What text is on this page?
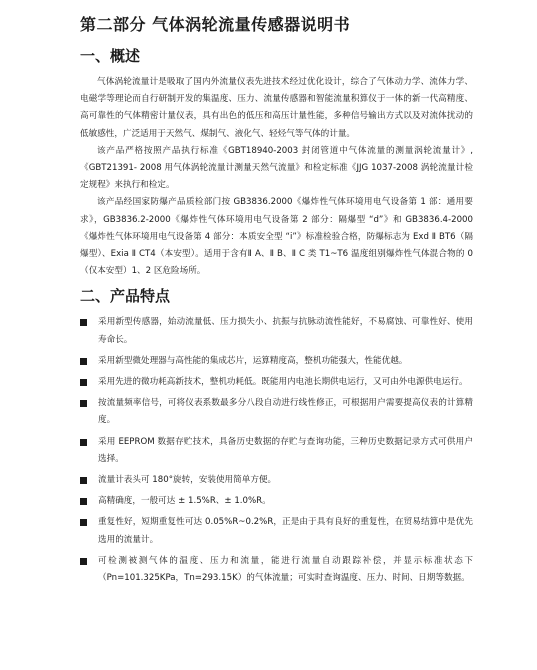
第二部分 气体涡轮流量传感器说明书
一、概述

气体涡轮流量计是吸取了国内外流量仪表先进技术经过优化设计，综合了气体动力学、流体力学、电磁学等理论而自行研制开发的集温度、压力、流量传感器和智能流量积算仪于一体的新一代高精度、高可靠性的气体精密计量仪表，具有出色的低压和高压计量性能，多种信号输出方式以及对流体扰动的低敏感性，广泛适用于天然气、煤制气、液化气、轻烃气等气体的计量。

该产品严格按照产品执行标准《GBT18940-2003 封闭管道中气体流量的测量涡轮流量计》,《GBT21391- 2008 用气体涡轮流量计测量天然气流量》和检定标准《JJG 1037-2008 涡轮流量计检定规程》来执行和检定。

该产品经国家防爆产品质检部门按 GB3836.2000《爆炸性气体环境用电气设备第 1 部：通用要求》，GB3836.2-2000《爆炸性气体环境用电气设备第 2 部分：隔爆型 “d”》和 GB3836.4-2000《爆炸性气体环境用电气设备第 4 部分：本质安全型 “i”》标准检验合格，防爆标志为 Exd Ⅱ BT6（隔爆型）、Exia Ⅱ CT4（本安型）。适用于含有Ⅱ A、Ⅱ B、Ⅱ C 类 T1~T6 温度组别爆炸性气体混合物的 0（仅本安型）1、2 区危险场所。

二、产品特点
采用新型传感器，始动流量低、压力损失小、抗振与抗脉动流性能好，不易腐蚀、可靠性好、使用寿命长。
采用新型微处理器与高性能的集成芯片，运算精度高，整机功能强大，性能优越。
采用先进的微功耗高新技术，整机功耗低。既能用内电池长期供电运行，又可由外电源供电运行。
按流量频率信号，可将仪表系数最多分八段自动进行线性修正，可根据用户需要提高仪表的计算精度。
采用 EEPROM 数据存贮技术，具备历史数据的存贮与查询功能，三种历史数据记录方式可供用户选择。
流量计表头可 180°旋转，安装使用简单方便。
高精确度，一般可达 ± 1.5%R、± 1.0%R。
重复性好，短期重复性可达 0.05%R~0.2%R，正是由于具有良好的重复性，在贸易结算中是优先选用的流量计。
可检测被测气体的温度、压力和流量，能进行流量自动跟踪补偿，并显示标准状态下（Pn=101.325KPa，Tn=293.15K）的气体流量；可实时查询温度、压力、时间、日期等数据。
